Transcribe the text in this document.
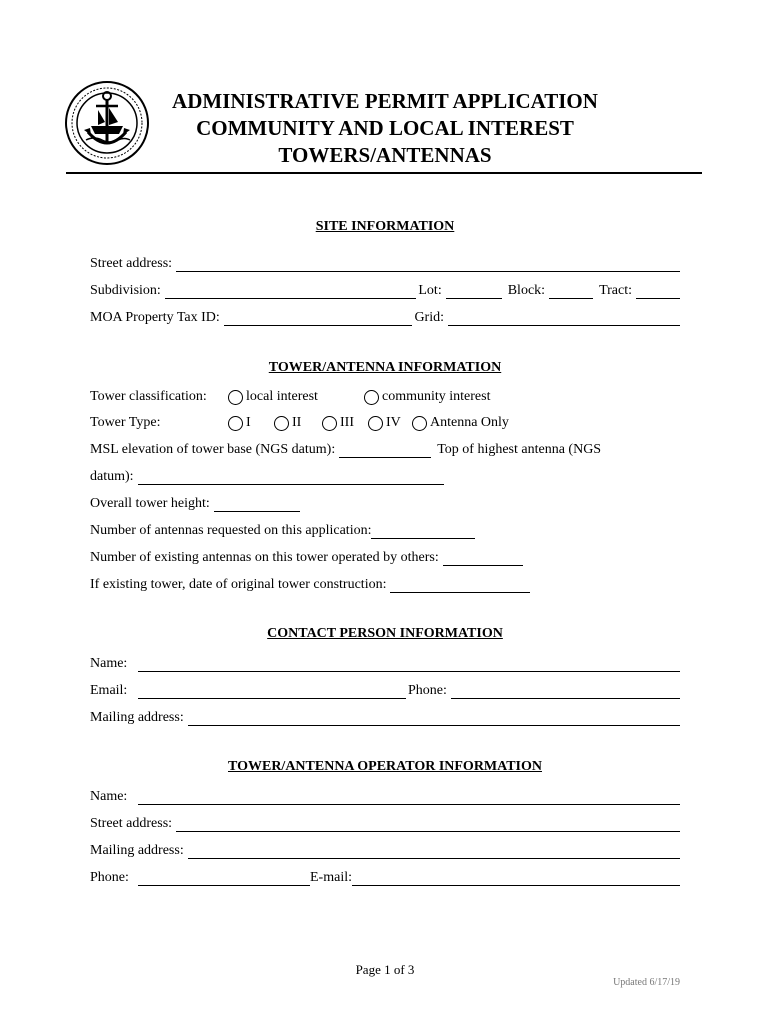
ADMINISTRATIVE PERMIT APPLICATION
COMMUNITY AND LOCAL INTEREST
TOWERS/ANTENNAS
SITE INFORMATION
Street address:
Subdivision:	Lot:	Block:	Tract:
MOA Property Tax ID:	Grid:
TOWER/ANTENNA INFORMATION
Tower classification:	local interest	community interest
Tower Type:	I	II	III IV Antenna Only
MSL elevation of tower base (NGS datum):	Top of highest antenna (NGS
datum):
Overall tower height:
Number of antennas requested on this application:
Number of existing antennas on this tower operated by others:
If existing tower, date of original tower construction:
CONTACT PERSON INFORMATION
Name:
Email:	Phone:
Mailing address:
TOWER/ANTENNA OPERATOR INFORMATION
Name:
Street address:
Mailing address:
Phone:	E-mail:
Page 1 of 3
Updated 6/17/19
